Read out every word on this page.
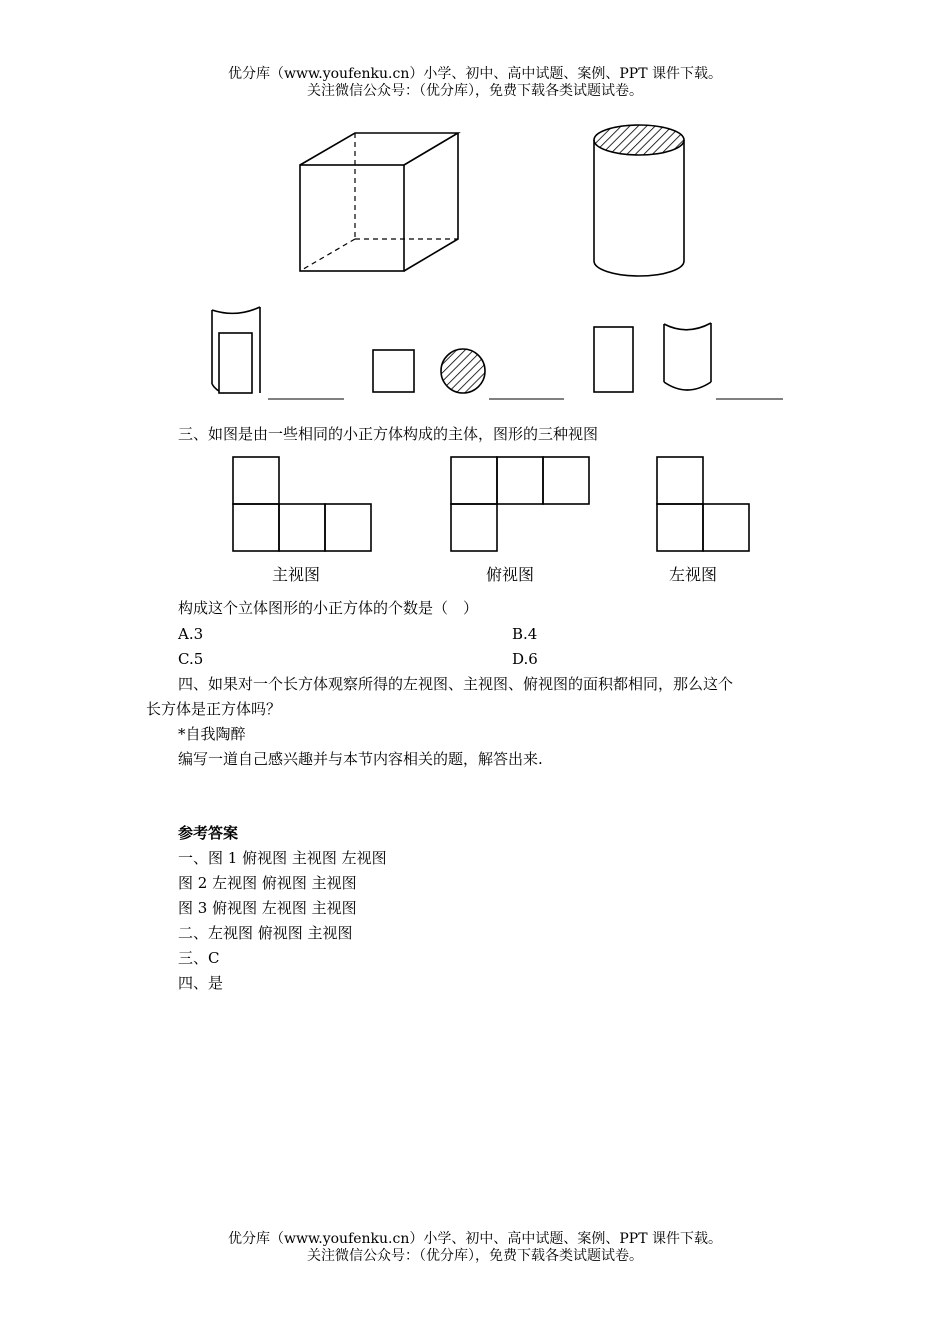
优分库（www.youfenku.cn）小学、初中、高中试题、案例、PPT 课件下载。
关注微信公众号：（优分库），免费下载各类试题试卷。
主视图	俯视图	左视图
三、如图是由一些相同的小正方体构成的主体，图形的三种视图
构成这个立体图形的小正方体的个数是（　）
A.3	B.4
C.5	D.6
四、如果对一个长方体观察所得的左视图、主视图、俯视图的面积都相同，那么这个
长方体是正方体吗？
*自我陶醉
编写一道自己感兴趣并与本节内容相关的题，解答出来.
参考答案
一、图 1 俯视图 主视图 左视图
图 2 左视图 俯视图 主视图
图 3 俯视图 左视图 主视图
二、左视图 俯视图 主视图
三、C
四、是
优分库（www.youfenku.cn）小学、初中、高中试题、案例、PPT 课件下载。
关注微信公众号：（优分库），免费下载各类试题试卷。
